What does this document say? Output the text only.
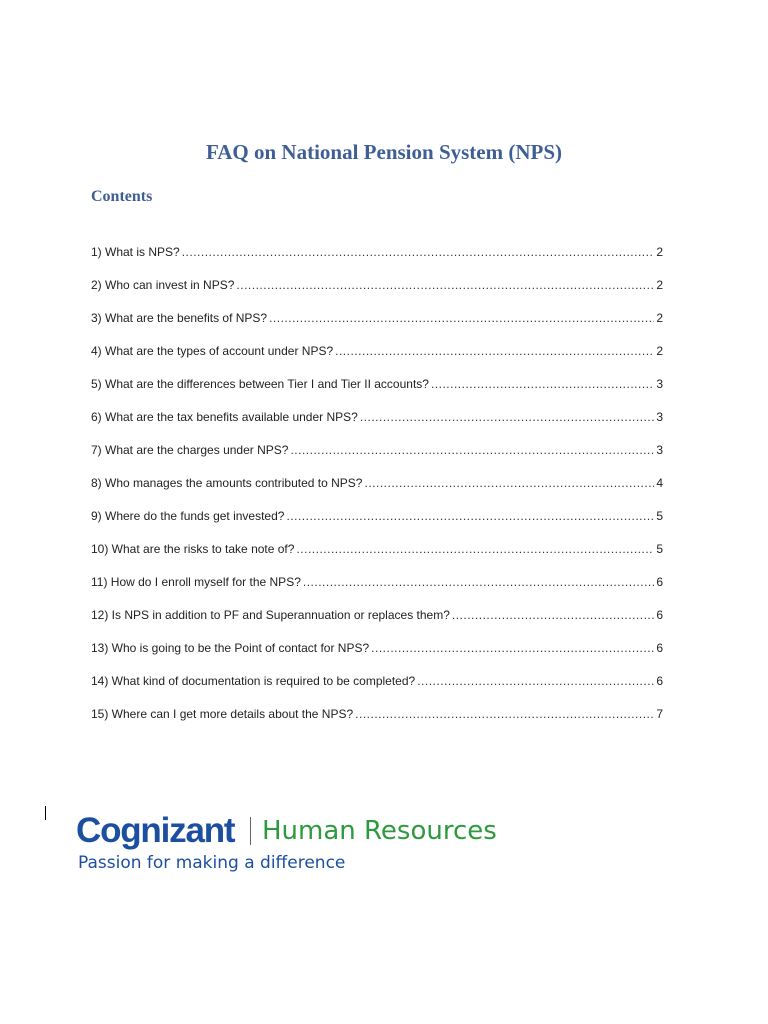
FAQ on National Pension System (NPS)
Contents
1) What is NPS? .....	2
2) Who can invest in NPS? .....	2
3) What are the benefits of NPS? .....	2
4) What are the types of account under NPS? .....	2
5) What are the differences between Tier I and Tier II accounts? .....	3
6) What are the tax benefits available under NPS? .....	3
7) What are the charges under NPS? .....	3
8) Who manages the amounts contributed to NPS? .....	4
9) Where do the funds get invested? .....	5
10) What are the risks to take note of? .....	5
11) How do I enroll myself for the NPS? .....	6
12) Is NPS in addition to PF and Superannuation or replaces them? .....	6
13) Who is going to be the Point of contact for NPS? .....	6
14) What kind of documentation is required to be completed? .....	6
15) Where can I get more details about the NPS? .....	7
Cognizant Human Resources
Passion for making a difference
